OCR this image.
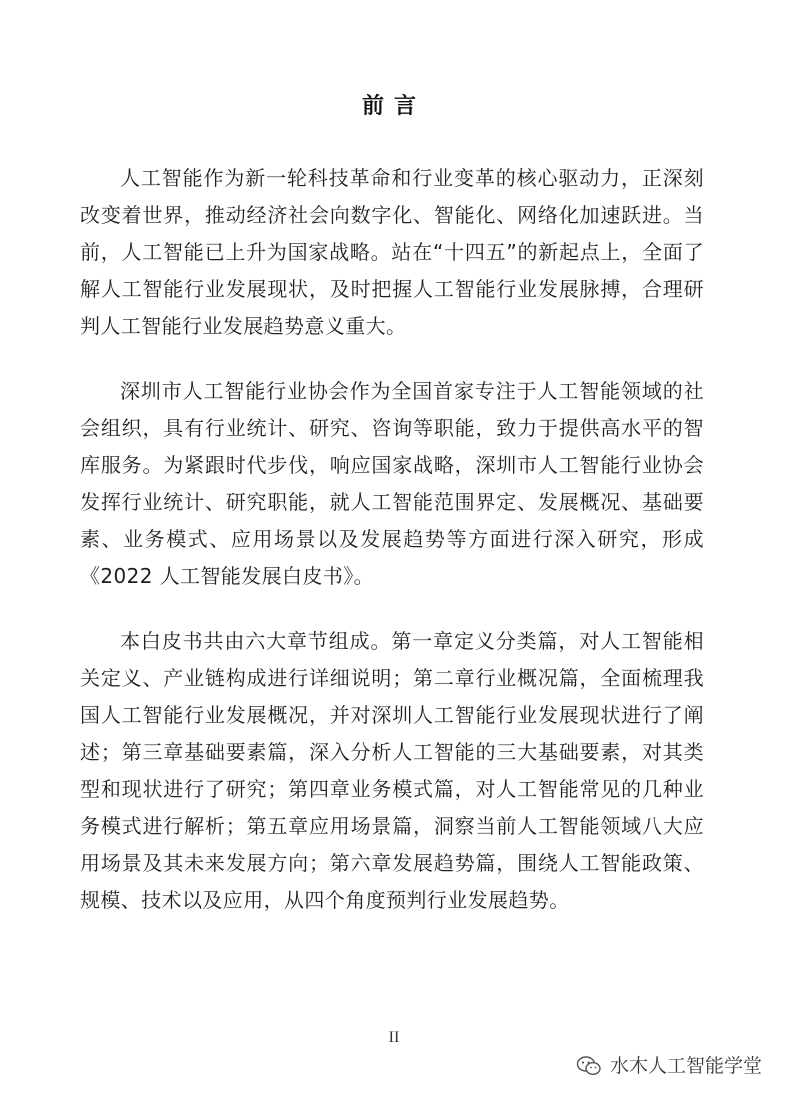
前言

人工智能作为新一轮科技革命和行业变革的核心驱动力，正深刻改变着世界，推动经济社会向数字化、智能化、网络化加速跃进。当前，人工智能已上升为国家战略。站在“十四五”的新起点上，全面了解人工智能行业发展现状，及时把握人工智能行业发展脉搏，合理研判人工智能行业发展趋势意义重大。

深圳市人工智能行业协会作为全国首家专注于人工智能领域的社会组织，具有行业统计、研究、咨询等职能，致力于提供高水平的智库服务。为紧跟时代步伐，响应国家战略，深圳市人工智能行业协会发挥行业统计、研究职能，就人工智能范围界定、发展概况、基础要素、业务模式、应用场景以及发展趋势等方面进行深入研究，形成《2022 人工智能发展白皮书》。

本白皮书共由六大章节组成。第一章定义分类篇，对人工智能相关定义、产业链构成进行详细说明；第二章行业概况篇，全面梳理我国人工智能行业发展概况，并对深圳人工智能行业发展现状进行了阐述；第三章基础要素篇，深入分析人工智能的三大基础要素，对其类型和现状进行了研究；第四章业务模式篇，对人工智能常见的几种业务模式进行解析；第五章应用场景篇，洞察当前人工智能领域八大应用场景及其未来发展方向；第六章发展趋势篇，围绕人工智能政策、规模、技术以及应用，从四个角度预判行业发展趋势。

II
水木人工智能学堂
